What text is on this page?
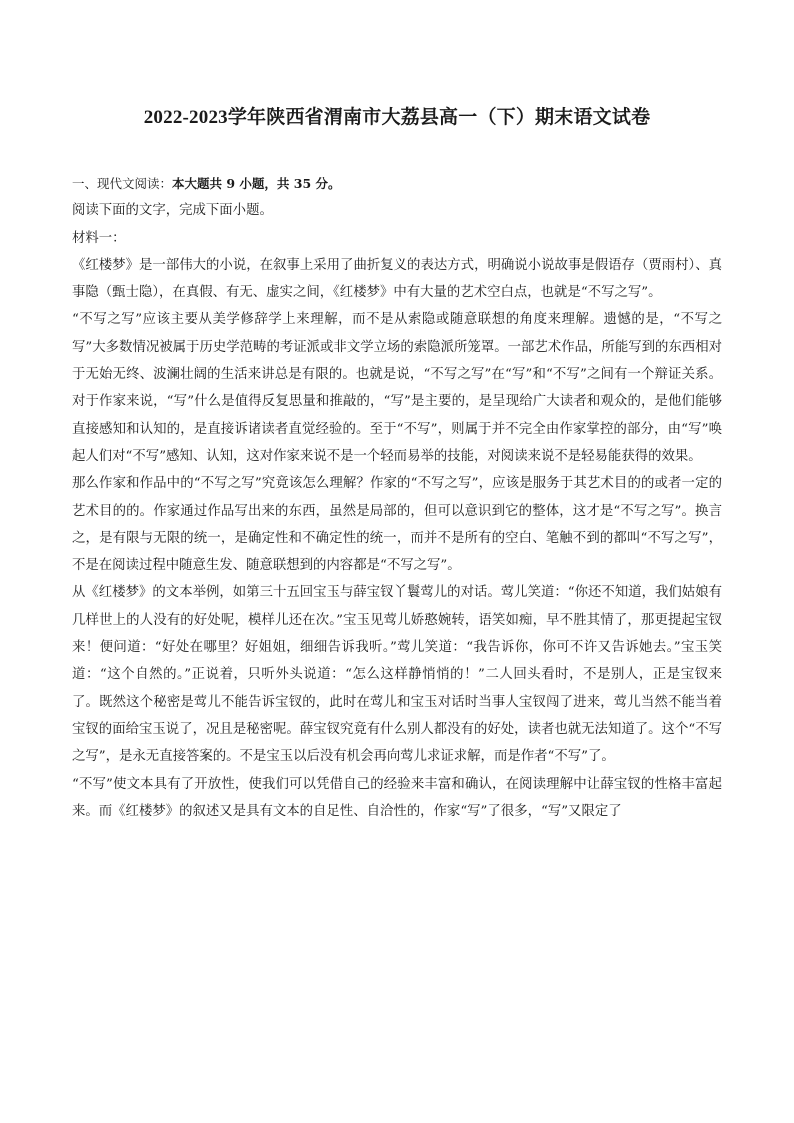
2022-2023学年陕西省渭南市大荔县高一（下）期末语文试卷

一、现代文阅读：本大题共 9 小题，共 35 分。

阅读下面的文字，完成下面小题。

材料一：

《红楼梦》是一部伟大的小说，在叙事上采用了曲折复义的表达方式，明确说小说故事是假语存（贾雨村）、真事隐（甄士隐），在真假、有无、虚实之间，《红楼梦》中有大量的艺术空白点，也就是“不写之写”。

“不写之写”应该主要从美学修辞学上来理解，而不是从索隐或随意联想的角度来理解。遗憾的是，“不写之写”大多数情况被属于历史学范畴的考证派或非文学立场的索隐派所笼罩。一部艺术作品，所能写到的东西相对于无始无终、波澜壮阔的生活来讲总是有限的。也就是说，“不写之写”在“写”和“不写”之间有一个辩证关系。对于作家来说，“写”什么是值得反复思量和推敲的，“写”是主要的，是呈现给广大读者和观众的，是他们能够直接感知和认知的，是直接诉诸读者直觉经验的。至于“不写”，则属于并不完全由作家掌控的部分，由“写”唤起人们对“不写”感知、认知，这对作家来说不是一个轻而易举的技能，对阅读来说不是轻易能获得的效果。

那么作家和作品中的“不写之写”究竟该怎么理解？作家的“不写之写”，应该是服务于其艺术目的的或者一定的艺术目的的。作家通过作品写出来的东西，虽然是局部的，但可以意识到它的整体，这才是“不写之写”。换言之，是有限与无限的统一，是确定性和不确定性的统一，而并不是所有的空白、笔触不到的都叫“不写之写”，不是在阅读过程中随意生发、随意联想到的内容都是“不写之写”。

从《红楼梦》的文本举例，如第三十五回宝玉与薛宝钗丫鬟莺儿的对话。莺儿笑道：“你还不知道，我们姑娘有几样世上的人没有的好处呢，模样儿还在次。”宝玉见莺儿娇憨婉转，语笑如痴，早不胜其情了，那更提起宝钗来！便问道：“好处在哪里？好姐姐，细细告诉我听。”莺儿笑道：“我告诉你，你可不许又告诉她去。”宝玉笑道：“这个自然的。”正说着，只听外头说道：“怎么这样静悄悄的！”二人回头看时，不是别人，正是宝钗来了。既然这个秘密是莺儿不能告诉宝钗的，此时在莺儿和宝玉对话时当事人宝钗闯了进来，莺儿当然不能当着宝钗的面给宝玉说了，况且是秘密呢。薛宝钗究竟有什么别人都没有的好处，读者也就无法知道了。这个“不写之写”，是永无直接答案的。不是宝玉以后没有机会再向莺儿求证求解，而是作者“不写”了。

“不写”使文本具有了开放性，使我们可以凭借自己的经验来丰富和确认，在阅读理解中让薛宝钗的性格丰富起来。而《红楼梦》的叙述又是具有文本的自足性、自洽性的，作家“写”了很多，“写”又限定了
